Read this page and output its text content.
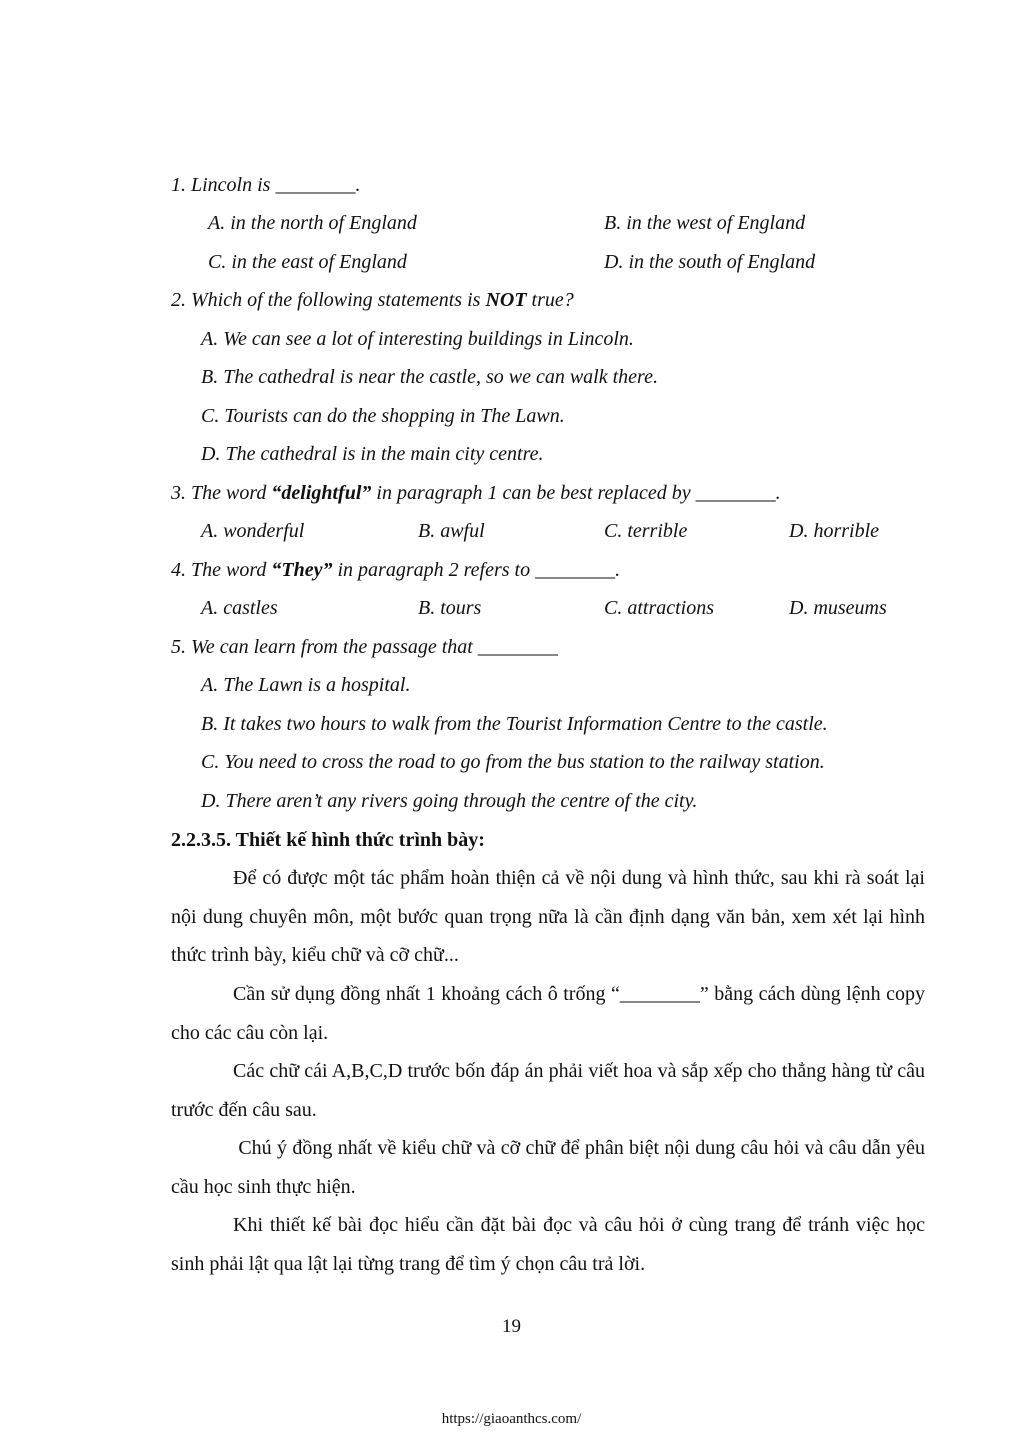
1. Lincoln is ________.
A. in the north of England	B. in the west of England
C. in the east of England	D. in the south of England
2. Which of the following statements is NOT true?
A. We can see a lot of interesting buildings in Lincoln.
B. The cathedral is near the castle, so we can walk there.
C. Tourists can do the shopping in The Lawn.
D. The cathedral is in the main city centre.
3. The word “delightful” in paragraph 1 can be best replaced by ________.
A. wonderful	B. awful	C. terrible	D. horrible
4. The word “They” in paragraph 2 refers to ________.
A. castles	B. tours	C. attractions	D. museums
5. We can learn from the passage that ________
A. The Lawn is a hospital.
B. It takes two hours to walk from the Tourist Information Centre to the castle.
C. You need to cross the road to go from the bus station to the railway station.
D. There aren’t any rivers going through the centre of the city.
2.2.3.5. Thiết kế hình thức trình bày:
Để có được một tác phẩm hoàn thiện cả về nội dung và hình thức, sau khi rà soát lại nội dung chuyên môn, một bước quan trọng nữa là cần định dạng văn bản, xem xét lại hình thức trình bày, kiểu chữ và cỡ chữ...
Cần sử dụng đồng nhất 1 khoảng cách ô trống “________” bằng cách dùng lệnh copy cho các câu còn lại.
Các chữ cái A,B,C,D trước bốn đáp án phải viết hoa và sắp xếp cho thẳng hàng từ câu trước đến câu sau.
Chú ý đồng nhất về kiểu chữ và cỡ chữ để phân biệt nội dung câu hỏi và câu dẫn yêu cầu học sinh thực hiện.
Khi thiết kế bài đọc hiểu cần đặt bài đọc và câu hỏi ở cùng trang để tránh việc học sinh phải lật qua lật lại từng trang để tìm ý chọn câu trả lời.
19
https://giaoanthcs.com/
